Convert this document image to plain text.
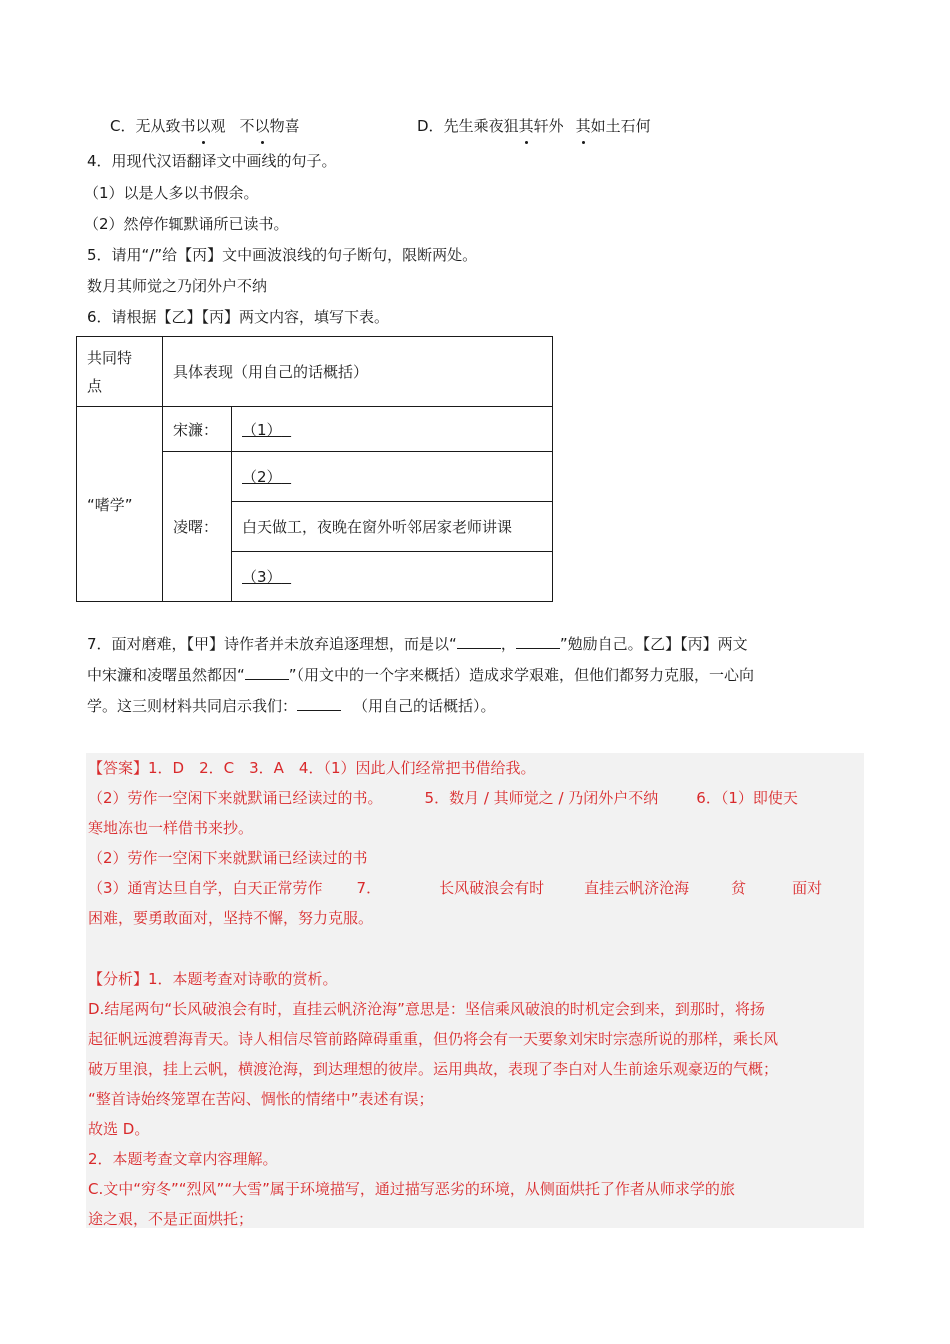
C．无从致书以观 不以物喜	D．先生乘夜狙其轩外 其如土石何
4．用现代汉语翻译文中画线的句子。
（1）以是人多以书假余。
（2）然停作辄默诵所已读书。
5．请用“/”给【丙】文中画波浪线的句子断句，限断两处。
数月其师觉之乃闭外户不纳
6．请根据【乙】【丙】两文内容，填写下表。
共同特
点	具体表现（用自己的话概括）	
“嗜学”	宋濂：	（1）
	凌曙：	（2）
		白天做工，夜晚在窗外听邻居家老师讲课
		（3）
7．面对磨难，【甲】诗作者并未放弃追逐理想，而是以“	，	”勉励自己。【乙】【丙】两文
中宋濂和凌曙虽然都因“	”（用文中的一个字来概括）造成求学艰难，但他们都努力克服，一心向
学。这三则材料共同启示我们：	（用自己的话概括）。
【答案】1．D　2．C　3．A　4．（1）因此人们经常把书借给我。
（2）劳作一空闲下来就默诵已经读过的书。	5．数月 / 其师觉之 / 乃闭外户不纳	6．（1）即使天
寒地冻也一样借书来抄。
（2）劳作一空闲下来就默诵已经读过的书
（3）通宵达旦自学，白天正常劳作 7．	长风破浪会有时	直挂云帆济沧海	贫	面对
困难，要勇敢面对，坚持不懈，努力克服。
【分析】1．本题考查对诗歌的赏析。
D.结尾两句“长风破浪会有时，直挂云帆济沧海”意思是：坚信乘风破浪的时机定会到来，到那时，将扬
起征帆远渡碧海青天。诗人相信尽管前路障碍重重，但仍将会有一天要象刘宋时宗悫所说的那样，乘长风
破万里浪，挂上云帆，横渡沧海，到达理想的彼岸。运用典故，表现了李白对人生前途乐观豪迈的气概；
“整首诗始终笼罩在苦闷、惆怅的情绪中”表述有误；
故选 D。
2．本题考查文章内容理解。
C.文中“穷冬”“烈风”“大雪”属于环境描写，通过描写恶劣的环境，从侧面烘托了作者从师求学的旅
途之艰，不是正面烘托；
